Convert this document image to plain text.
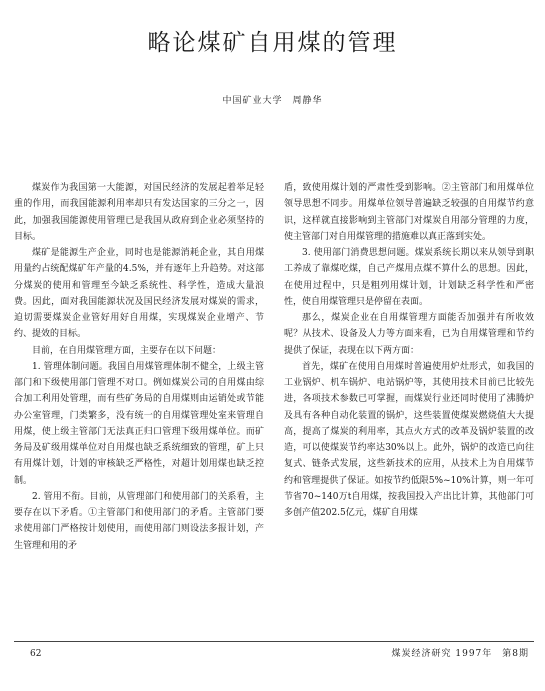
略论煤矿自用煤的管理
中国矿业大学　周静华

煤炭作为我国第一大能源，对国民经济的发展起着举足轻重的作用，而我国能源利用率却只有发达国家的三分之一，因此，加强我国能源使用管理已是我国从政府到企业必须坚持的目标。

煤矿是能源生产企业，同时也是能源消耗企业，其自用煤用量约占统配煤矿年产量的4.5%，并有逐年上升趋势。对这部分煤炭的使用和管理至今缺乏系统性、科学性，造成大量浪费。因此，面对我国能源状况及国民经济发展对煤炭的需求，迫切需要煤炭企业管好用好自用煤，实现煤炭企业增产、节约、提效的目标。

目前，在自用煤管理方面，主要存在以下问题：

1. 管理体制问题。我国自用煤管理体制不健全，上级主管部门和下级使用部门管理不对口。例如煤炭公司的自用煤由综合加工利用处管理，而有些矿务局的自用煤则由运销处或节能办公室管理，门类繁多，没有统一的自用煤管理处室来管理自用煤，使上级主管部门无法真正归口管理下级用煤单位。而矿务局及矿级用煤单位对自用煤也缺乏系统细致的管理，矿上只有用煤计划，计划的审核缺乏严格性，对超计划用煤也缺乏控制。

2. 管用不衔。目前，从管理部门和使用部门的关系看，主要存在以下矛盾。①主管部门和使用部门的矛盾。主管部门要求使用部门严格按计划使用，而使用部门则设法多报计划，产生管理和用的矛

盾，致使用煤计划的严肃性受到影响。②主管部门和用煤单位领导思想不同步。用煤单位领导普遍缺乏较强的自用煤节约意识，这样就直接影响到主管部门对煤炭自用部分管理的力度，使主管部门对自用煤管理的措施难以真正落到实处。

3. 使用部门消费思想问题。煤炭系统长期以来从领导到职工养成了靠煤吃煤，自己产煤用点煤不算什么的思想。因此，在使用过程中，只是粗列用煤计划，计划缺乏科学性和严密性，使自用煤管理只是停留在表面。

那么，煤炭企业在自用煤管理方面能否加强并有所收效呢？从技术、设备及人力等方面来看，已为自用煤管理和节约提供了保证，表现在以下两方面：

首先，煤矿在使用自用煤时普遍使用炉灶形式，如我国的工业锅炉、机车锅炉、电站锅炉等，其使用技术目前已比较先进，各项技术参数已可掌握，而煤炭行业还同时使用了沸腾炉及具有各种自动化装置的锅炉，这些装置使煤炭燃烧值大大提高，提高了煤炭的利用率，其点火方式的改革及锅炉装置的改造，可以使煤炭节约率达30%以上。此外，锅炉的改造已向往复式、链条式发展，这些新技术的应用，从技术上为自用煤节约和管理提供了保证。如按节约低限5%~10%计算，则一年可节省70~140万t自用煤，按我国投入产出比计算，其他部门可多创产值202.5亿元，煤矿自用煤

62	煤炭经济研究 1997年　第8期
